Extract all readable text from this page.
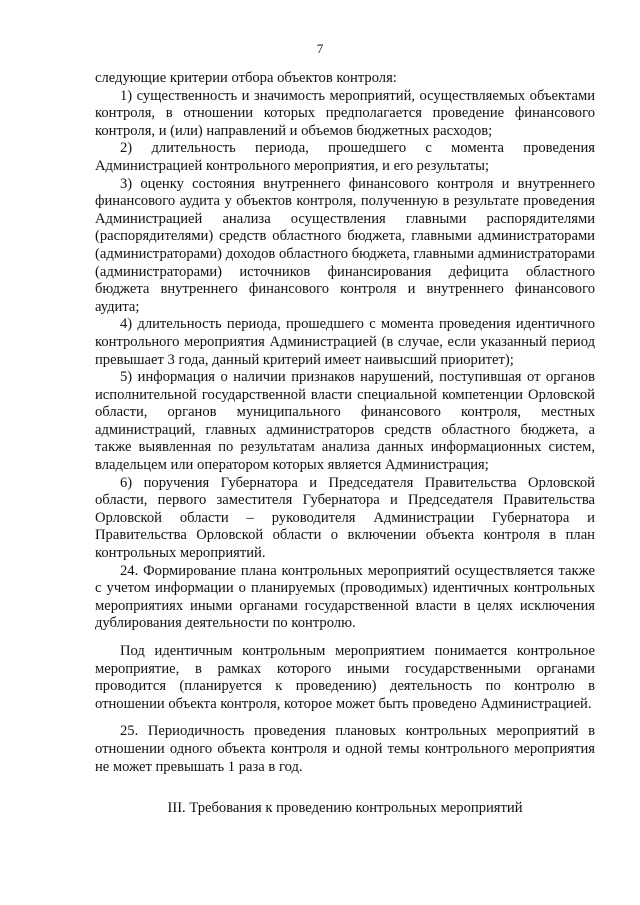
7

следующие критерии отбора объектов контроля:

1) существенность и значимость мероприятий, осуществляемых объектами контроля, в отношении которых предполагается проведение финансового контроля, и (или) направлений и объемов бюджетных расходов;

2) длительность периода, прошедшего с момента проведения Администрацией контрольного мероприятия, и его результаты;

3) оценку состояния внутреннего финансового контроля и внутреннего финансового аудита у объектов контроля, полученную в результате проведения Администрацией анализа осуществления главными распорядителями (распорядителями) средств областного бюджета, главными администраторами (администраторами) доходов областного бюджета, главными администраторами (администраторами) источников финансирования дефицита областного бюджета внутреннего финансового контроля и внутреннего финансового аудита;

4) длительность периода, прошедшего с момента проведения идентичного контрольного мероприятия Администрацией (в случае, если указанный период превышает 3 года, данный критерий имеет наивысший приоритет);

5) информация о наличии признаков нарушений, поступившая от органов исполнительной государственной власти специальной компетенции Орловской области, органов муниципального финансового контроля, местных администраций, главных администраторов средств областного бюджета, а также выявленная по результатам анализа данных информационных систем, владельцем или оператором которых является Администрация;

6) поручения Губернатора и Председателя Правительства Орловской области, первого заместителя Губернатора и Председателя Правительства Орловской области – руководителя Администрации Губернатора и Правительства Орловской области о включении объекта контроля в план контрольных мероприятий.

24. Формирование плана контрольных мероприятий осуществляется также с учетом информации о планируемых (проводимых) идентичных контрольных мероприятиях иными органами государственной власти в целях исключения дублирования деятельности по контролю.

Под идентичным контрольным мероприятием понимается контрольное мероприятие, в рамках которого иными государственными органами проводится (планируется к проведению) деятельность по контролю в отношении объекта контроля, которое может быть проведено Администрацией.

25. Периодичность проведения плановых контрольных мероприятий в отношении одного объекта контроля и одной темы контрольного мероприятия не может превышать 1 раза в год.

III. Требования к проведению контрольных мероприятий
